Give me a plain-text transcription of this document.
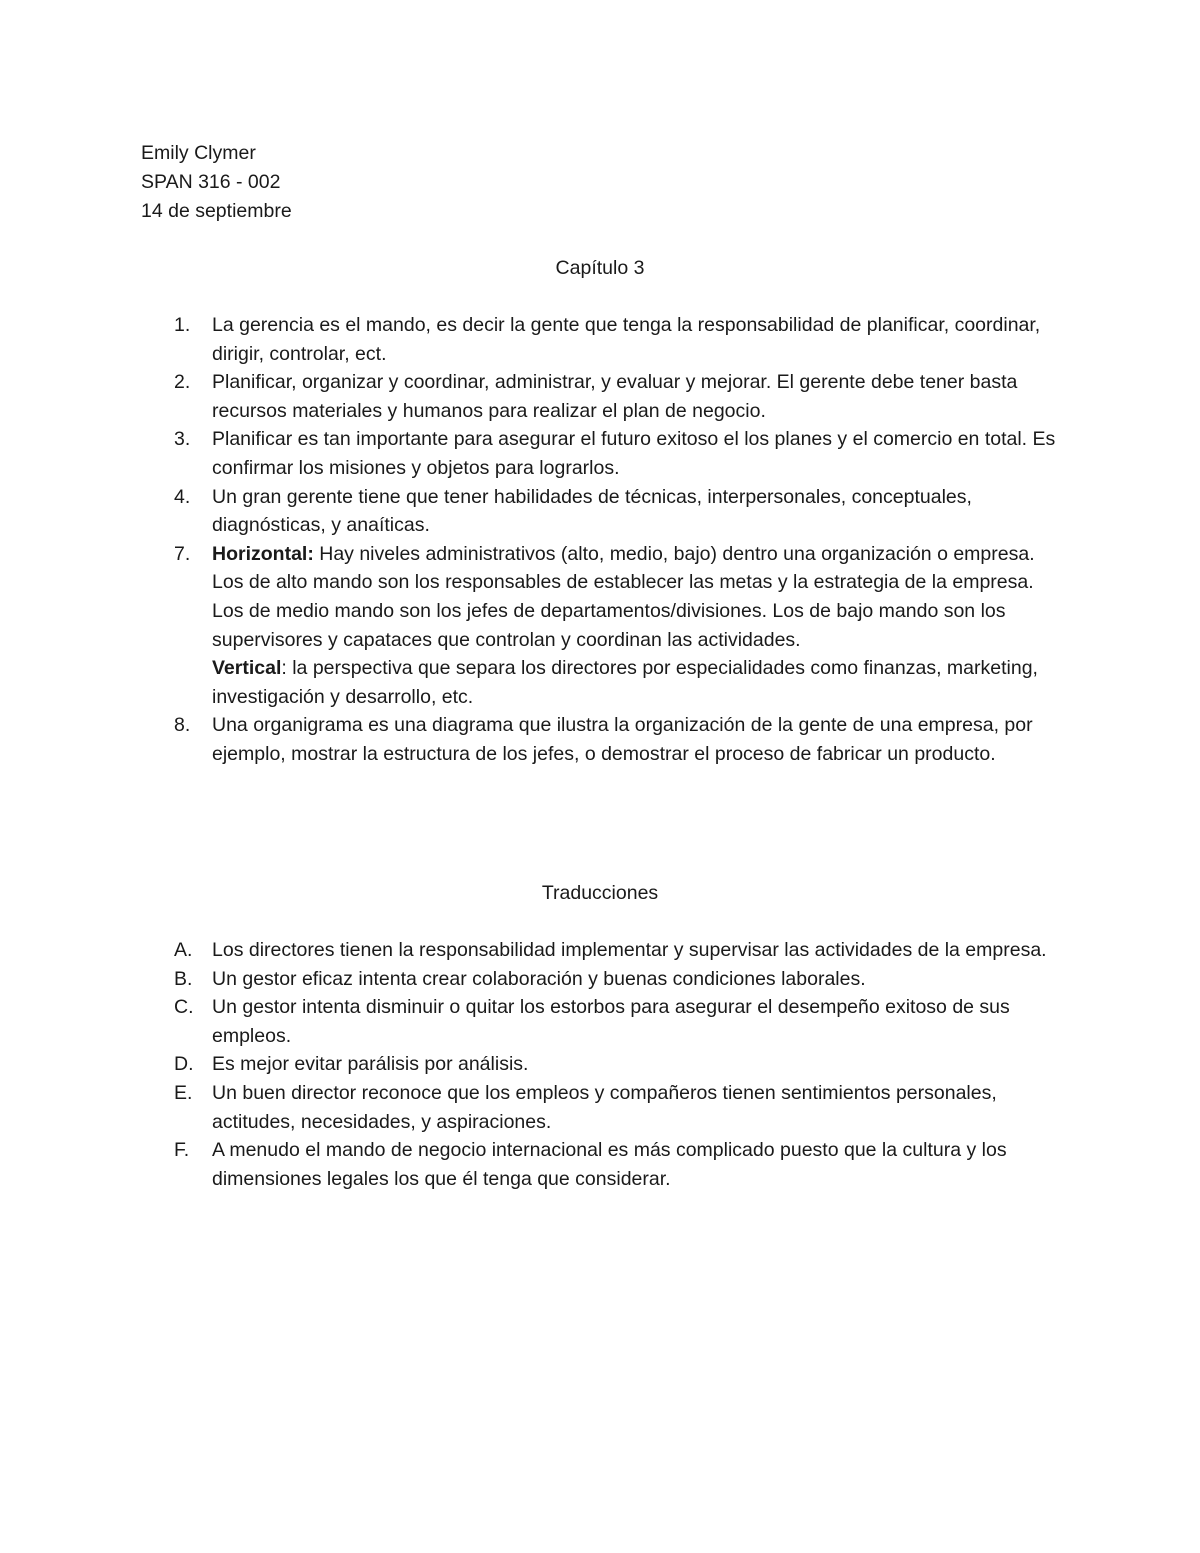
Emily Clymer
SPAN 316 - 002
14 de septiembre
Capítulo 3
1.	La gerencia es el mando, es decir la gente que tenga la responsabilidad de planificar, coordinar, dirigir, controlar, ect.
2.	Planificar, organizar y coordinar, administrar, y evaluar y mejorar. El gerente debe tener basta recursos materiales y humanos para realizar el plan de negocio.
3.	Planificar es tan importante para asegurar el futuro exitoso el los planes y el comercio en total. Es confirmar los misiones y objetos para lograrlos.
4.	Un gran gerente tiene que tener habilidades de técnicas, interpersonales, conceptuales, diagnósticas, y anaíticas.
7.	Horizontal: Hay niveles administrativos (alto, medio, bajo) dentro una organización o empresa. Los de alto mando son los responsables de establecer las metas y la estrategia de la empresa. Los de medio mando son los jefes de departamentos/divisiones. Los de bajo mando son los supervisores y capataces que controlan y coordinan las actividades.

Vertical: la perspectiva que separa los directores por especialidades como finanzas, marketing, investigación y desarrollo, etc.

8.	Una organigrama es una diagrama que ilustra la organización de la gente de una empresa, por ejemplo, mostrar la estructura de los jefes, o demostrar el proceso de fabricar un producto.
Traducciones
A.	Los directores tienen la responsabilidad implementar y supervisar las actividades de la empresa.
B.	Un gestor eficaz intenta crear colaboración y buenas condiciones laborales.
C. Un gestor intenta disminuir o quitar los estorbos para asegurar el desempeño exitoso de sus empleos.
D. Es mejor evitar parálisis por análisis.
E.	Un buen director reconoce que los empleos y compañeros tienen sentimientos personales, actitudes, necesidades, y aspiraciones.
F.	A menudo el mando de negocio internacional es más complicado puesto que la cultura y los dimensiones legales los que él tenga que considerar.
